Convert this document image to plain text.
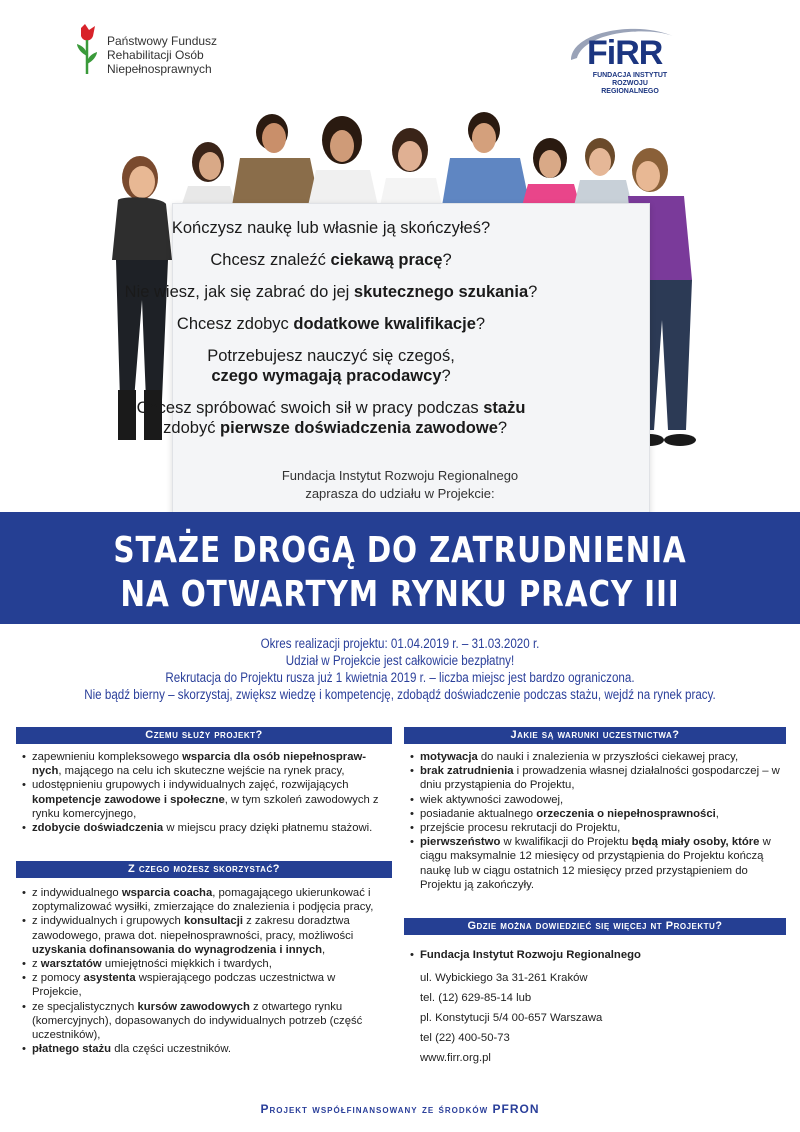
Państwowy Fundusz
Rehabilitacji Osób
Niepełnosprawnych	FiRR
FUNDACJA INSTYTUT
ROZWOJU REGIONALNEGO
Kończysz naukę lub własnie ją skończyłeś?
Chcesz znaleźć ciekawą pracę?
Nie wiesz, jak się zabrać do jej skutecznego szukania?
Chcesz zdobyc dodatkowe kwalifikacje?
Potrzebujesz nauczyć się czegoś,
czego wymagają pracodawcy?
Chcesz spróbować swoich sił w pracy podczas stażu
i zdobyć pierwsze doświadczenia zawodowe?
Fundacja Instytut Rozwoju Regionalnego
zaprasza do udziału w Projekcie:
STAŻE DROGĄ DO ZATRUDNIENIA
NA OTWARTYM RYNKU PRACY III
Okres realizacji projektu: 01.04.2019 r. – 31.03.2020 r.
Udział w Projekcie jest całkowicie bezpłatny!
Rekrutacja do Projektu rusza już 1 kwietnia 2019 r. – liczba miejsc jest bardzo ograniczona.
Nie bądź bierny – skorzystaj, zwiększ wiedzę i kompetencję, zdobądź doświadczenie podczas stażu, wejdź na rynek pracy.
Czemu służy projekt?
• zapewnieniu kompleksowego wsparcia dla osób niepełnospraw-nych, mającego na celu ich skuteczne wejście na rynek pracy,
• udostępnieniu grupowych i indywidualnych zajęć, rozwijających kompetencje zawodowe i społeczne, w tym szkoleń zawodowych z rynku komercyjnego,
• zdobycie doświadczenia w miejscu pracy dzięki płatnemu stażowi.
Z czego możesz skorzystać?
• z indywidualnego wsparcia coacha, pomagającego ukierunkować i zoptymalizować wysiłki, zmierzające do znalezienia i podjęcia pracy,
• z indywidualnych i grupowych konsultacji z zakresu doradztwa zawodowego, prawa dot. niepełnosprawności, pracy, możliwości uzyskania dofinansowania do wynagrodzenia i innych,
• z warsztatów umiejętności miękkich i twardych,
• z pomocy asystenta wspierającego podczas uczestnictwa w Projekcie,
• ze specjalistycznych kursów zawodowych z otwartego rynku (komercyjnych), dopasowanych do indywidualnych potrzeb (część uczestników),
• płatnego stażu dla części uczestników.
Jakie są warunki uczestnictwa?
• motywacja do nauki i znalezienia w przyszłości ciekawej pracy,
• brak zatrudnienia i prowadzenia własnej działalności gospodarczej – w dniu przystąpienia do Projektu,
• wiek aktywności zawodowej,
• posiadanie aktualnego orzeczenia o niepełnosprawności,
• przejście procesu rekrutacji do Projektu,
• pierwszeństwo w kwalifikacji do Projektu będą miały osoby, które w ciągu maksymalnie 12 miesięcy od przystąpienia do Projektu kończą naukę lub w ciągu ostatnich 12 miesięcy przed przystąpieniem do Projektu ją zakończyły.
Gdzie można dowiedzieć się więcej nt Projektu?
• Fundacja Instytut Rozwoju Regionalnego
ul. Wybickiego 3a 31-261 Kraków
tel. (12) 629-85-14 lub
pl. Konstytucji 5/4 00-657 Warszawa
tel (22) 400-50-73
www.firr.org.pl
Projekt współfinansowany ze środków PFRON
